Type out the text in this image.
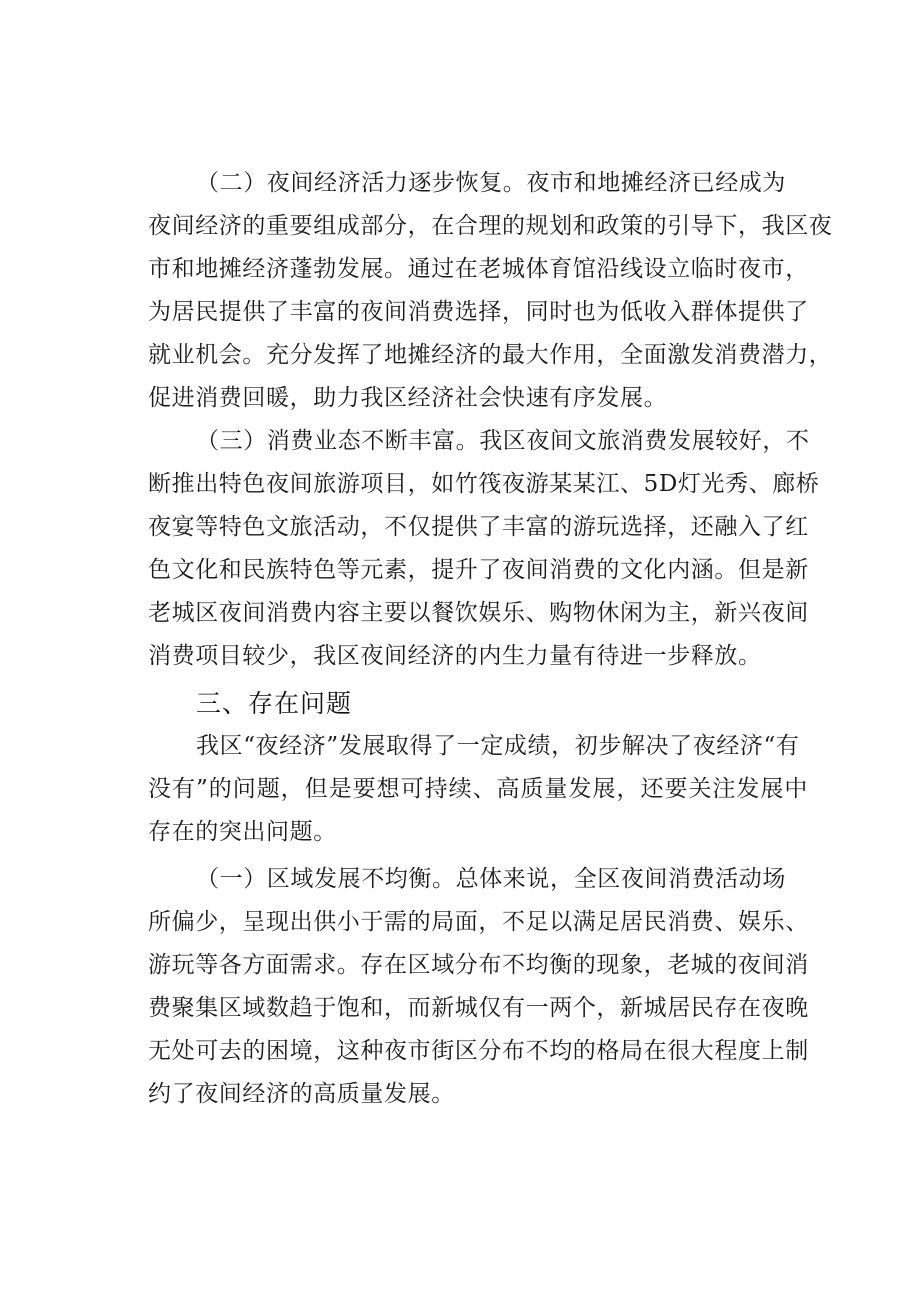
（二）夜间经济活力逐步恢复。夜市和地摊经济已经成为
夜间经济的重要组成部分，在合理的规划和政策的引导下，我区夜
市和地摊经济蓬勃发展。通过在老城体育馆沿线设立临时夜市，
为居民提供了丰富的夜间消费选择，同时也为低收入群体提供了
就业机会。充分发挥了地摊经济的最大作用，全面激发消费潜力，
促进消费回暖，助力我区经济社会快速有序发展。
（三）消费业态不断丰富。我区夜间文旅消费发展较好，不
断推出特色夜间旅游项目，如竹筏夜游某某江、5D灯光秀、廊桥
夜宴等特色文旅活动，不仅提供了丰富的游玩选择，还融入了红
色文化和民族特色等元素，提升了夜间消费的文化内涵。但是新
老城区夜间消费内容主要以餐饮娱乐、购物休闲为主，新兴夜间
消费项目较少，我区夜间经济的内生力量有待进一步释放。
三、存在问题
我区“夜经济”发展取得了一定成绩，初步解决了夜经济“有
没有”的问题，但是要想可持续、高质量发展，还要关注发展中
存在的突出问题。
（一）区域发展不均衡。总体来说，全区夜间消费活动场
所偏少，呈现出供小于需的局面，不足以满足居民消费、娱乐、
游玩等各方面需求。存在区域分布不均衡的现象，老城的夜间消
费聚集区域数趋于饱和，而新城仅有一两个，新城居民存在夜晚
无处可去的困境，这种夜市街区分布不均的格局在很大程度上制
约了夜间经济的高质量发展。
